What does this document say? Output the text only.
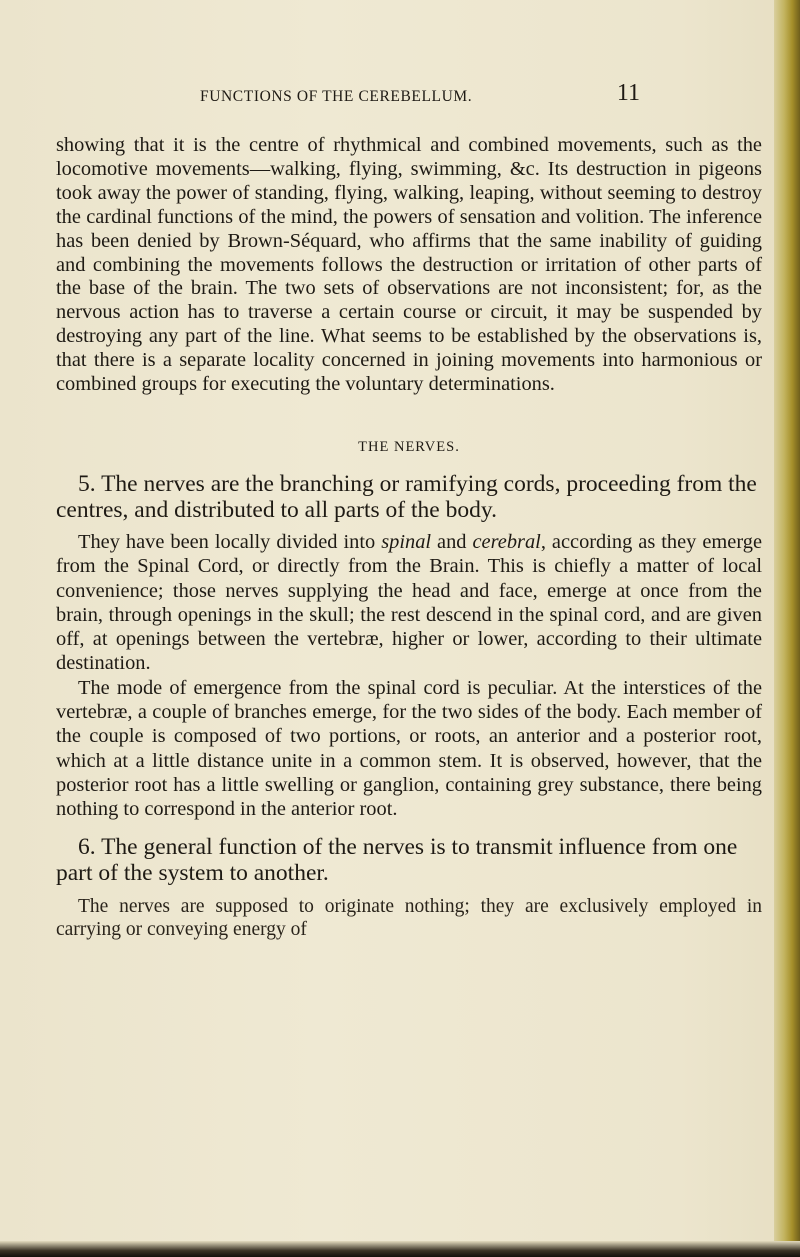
FUNCTIONS OF THE CEREBELLUM.	11

showing that it is the centre of rhythmical and combined movements, such as the locomotive movements—walking, flying, swimming, &c. Its destruction in pigeons took away the power of standing, flying, walking, leaping, without seeming to destroy the cardinal functions of the mind, the powers of sensation and volition. The inference has been denied by Brown-Séquard, who affirms that the same inability of guiding and combining the movements follows the destruction or irritation of other parts of the base of the brain. The two sets of observations are not inconsistent; for, as the nervous action has to traverse a certain course or circuit, it may be suspended by destroying any part of the line. What seems to be established by the observations is, that there is a separate locality concerned in joining movements into harmonious or combined groups for executing the voluntary determinations.

THE NERVES.

5. The nerves are the branching or ramifying cords, proceeding from the centres, and distributed to all parts of the body.

They have been locally divided into spinal and cerebral, according as they emerge from the Spinal Cord, or directly from the Brain. This is chiefly a matter of local convenience; those nerves supplying the head and face, emerge at once from the brain, through openings in the skull; the rest descend in the spinal cord, and are given off, at openings between the vertebræ, higher or lower, according to their ultimate destination.

The mode of emergence from the spinal cord is peculiar. At the interstices of the vertebræ, a couple of branches emerge, for the two sides of the body. Each member of the couple is composed of two portions, or roots, an anterior and a posterior root, which at a little distance unite in a common stem. It is observed, however, that the posterior root has a little swelling or ganglion, containing grey substance, there being nothing to correspond in the anterior root.

6. The general function of the nerves is to transmit influence from one part of the system to another.

The nerves are supposed to originate nothing; they are exclusively employed in carrying or conveying energy of
